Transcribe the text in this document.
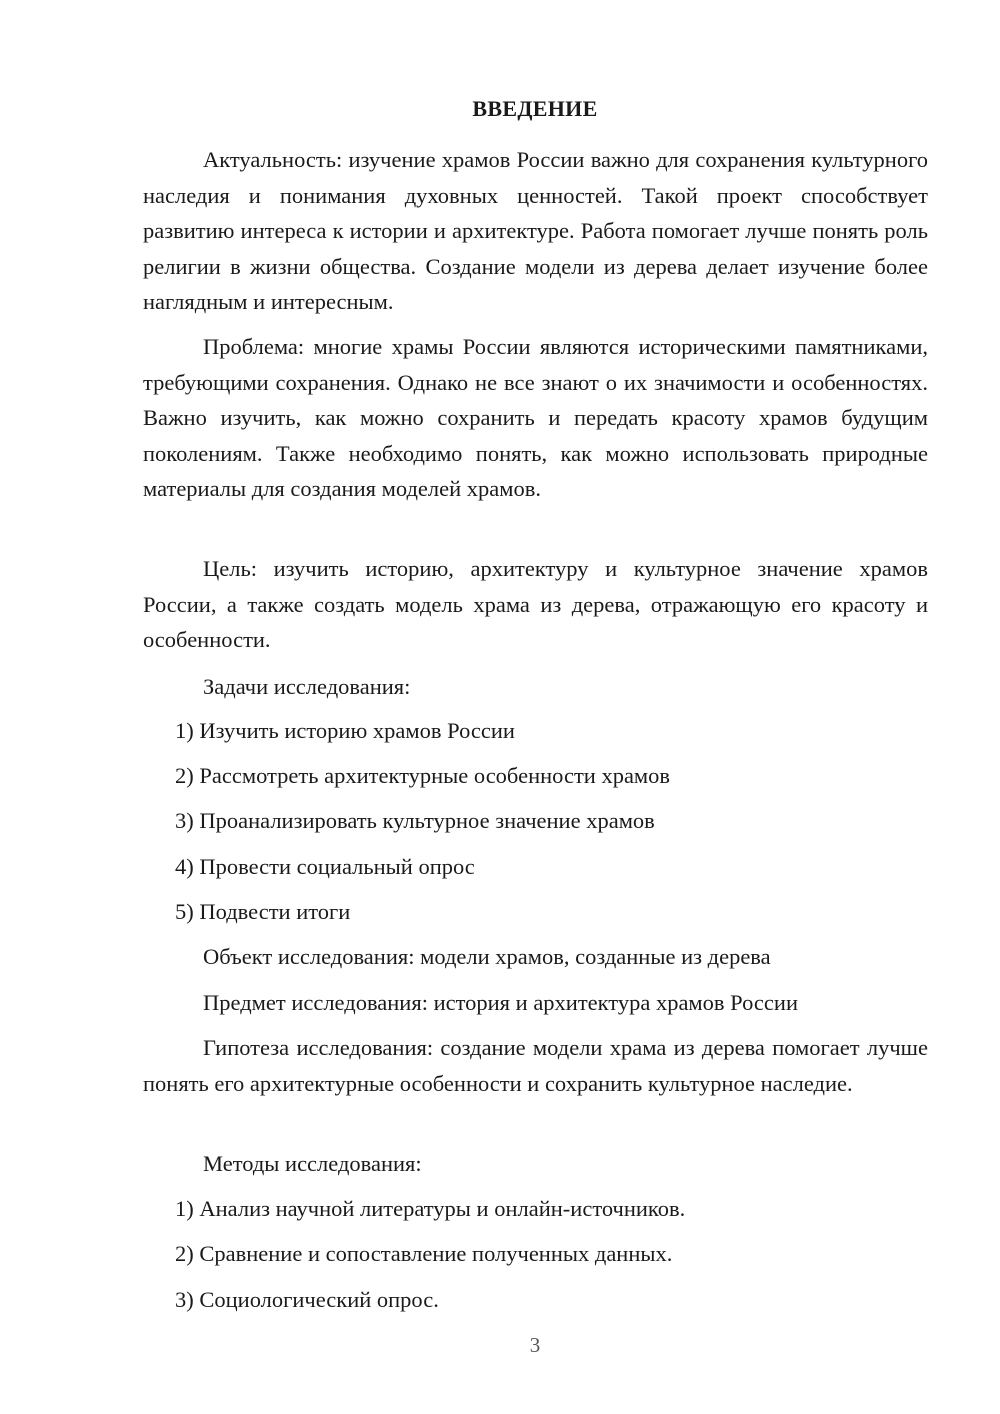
ВВЕДЕНИЕ

Актуальность: изучение храмов России важно для сохранения культурного наследия и понимания духовных ценностей. Такой проект способствует развитию интереса к истории и архитектуре. Работа помогает лучше понять роль религии в жизни общества. Создание модели из дерева делает изучение более наглядным и интересным.

Проблема: многие храмы России являются историческими памятниками, требующими сохранения. Однако не все знают о их значимости и особенностях. Важно изучить, как можно сохранить и передать красоту храмов будущим поколениям. Также необходимо понять, как можно использовать природные материалы для создания моделей храмов.

Цель: изучить историю, архитектуру и культурное значение храмов России, а также создать модель храма из дерева, отражающую его красоту и особенности.

Задачи исследования:

1) Изучить историю храмов России

2) Рассмотреть архитектурные особенности храмов

3) Проанализировать культурное значение храмов

4) Провести социальный опрос

5) Подвести итоги

Объект исследования: модели храмов, созданные из дерева

Предмет исследования: история и архитектура храмов России

Гипотеза исследования: создание модели храма из дерева помогает лучше понять его архитектурные особенности и сохранить культурное наследие.

Методы исследования:

1) Анализ научной литературы и онлайн-источников.

2) Сравнение и сопоставление полученных данных.

3) Социологический опрос.

3
